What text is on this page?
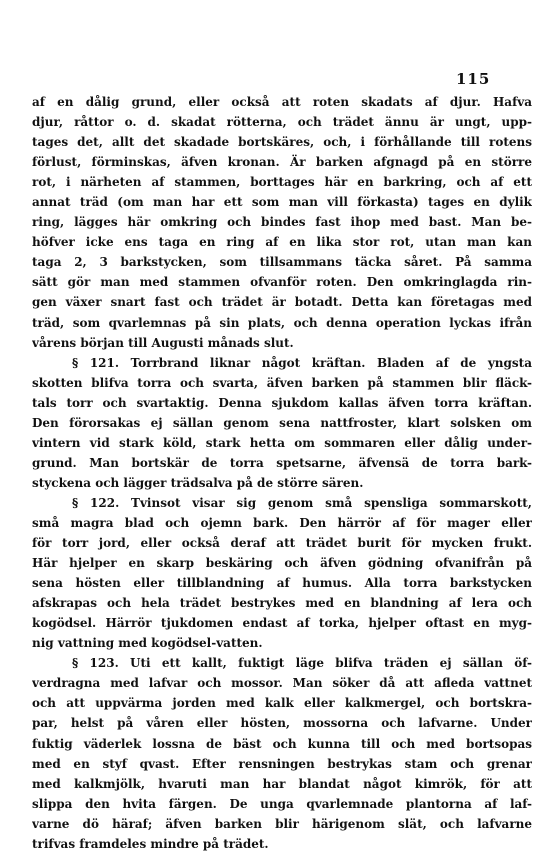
115
af en dålig grund, eller också att roten skadats af djur. Hafva
djur, råttor o. d. skadat rötterna, och trädet ännu är ungt, upp-
tages det, allt det skadade bortskäres, och, i förhållande till rotens
förlust, förminskas, äfven kronan. Är barken afgnagd på en större
rot, i närheten af stammen, borttages här en barkring, och af ett
annat träd (om man har ett som man vill förkasta) tages en dylik
ring, lägges här omkring och bindes fast ihop med bast. Man be-
höfver icke ens taga en ring af en lika stor rot, utan man kan
taga 2, 3 barkstycken, som tillsammans täcka såret. På samma
sätt gör man med stammen ofvanför roten. Den omkringlagda rin-
gen växer snart fast och trädet är botadt. Detta kan företagas med
träd, som qvarlemnas på sin plats, och denna operation lyckas ifrån
vårens början till Augusti månads slut.
§ 121. Torrbrand liknar något kräftan. Bladen af de yngsta
skotten blifva torra och svarta, äfven barken på stammen blir fläck-
tals torr och svartaktig. Denna sjukdom kallas äfven torra kräftan.
Den förorsakas ej sällan genom sena nattfroster, klart solsken om
vintern vid stark köld, stark hetta om sommaren eller dålig under-
grund. Man bortskär de torra spetsarne, äfvensä de torra bark-
styckena och lägger trädsalva på de större sären.
§ 122. Tvinsot visar sig genom små spensliga sommarskott,
små magra blad och ojemn bark. Den härrör af för mager eller
för torr jord, eller också deraf att trädet burit för mycken frukt.
Här hjelper en skarp beskäring och äfven gödning ofvanifrån på
sena hösten eller tillblandning af humus. Alla torra barkstycken
afskrapas och hela trädet bestrykes med en blandning af lera och
kogödsel. Härrör tjukdomen endast af torka, hjelper oftast en myg-
nig vattning med kogödsel-vatten.
§ 123. Uti ett kallt, fuktigt läge blifva träden ej sällan öf-
verdragna med lafvar och mossor. Man söker då att afleda vattnet
och att uppvärma jorden med kalk eller kalkmergel, och bortskra-
par, helst på våren eller hösten, mossorna och lafvarne. Under
fuktig väderlek lossna de bäst och kunna till och med bortsopas
med en styf qvast. Efter rensningen bestrykas stam och grenar
med kalkmjölk, hvaruti man har blandat något kimrök, för att
slippa den hvita färgen. De unga qvarlemnade plantorna af laf-
varne dö häraf; äfven barken blir härigenom slät, och lafvarne
trifvas framdeles mindre på trädet.
